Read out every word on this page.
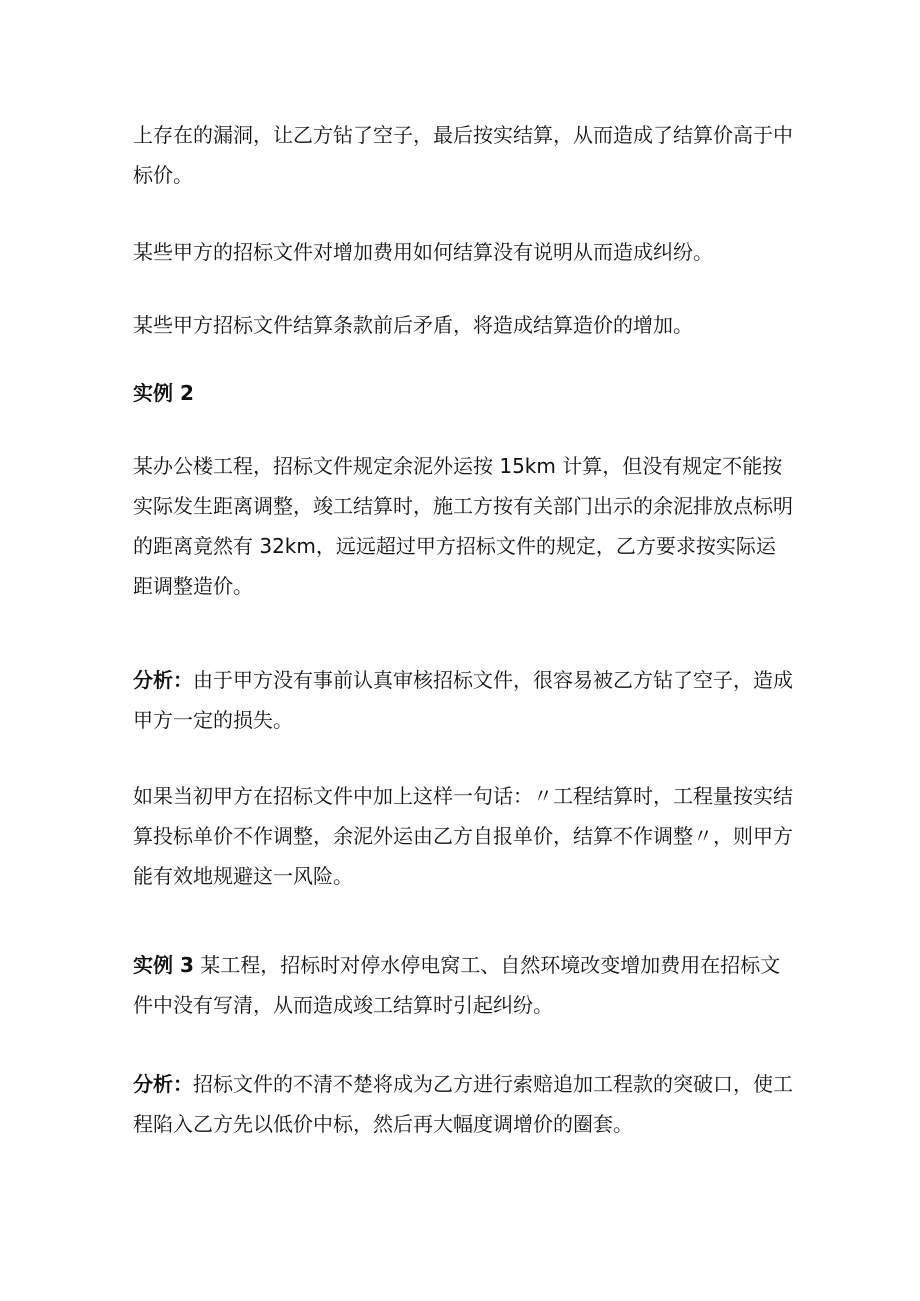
上存在的漏洞，让乙方钻了空子，最后按实结算，从而造成了结算价高于中标价。

某些甲方的招标文件对增加费用如何结算没有说明从而造成纠纷。

某些甲方招标文件结算条款前后矛盾，将造成结算造价的增加。

实例 2

某办公楼工程，招标文件规定余泥外运按 15km 计算，但没有规定不能按实际发生距离调整，竣工结算时，施工方按有关部门出示的余泥排放点标明的距离竟然有 32km，远远超过甲方招标文件的规定，乙方要求按实际运距调整造价。

分析：由于甲方没有事前认真审核招标文件，很容易被乙方钻了空子，造成甲方一定的损失。

如果当初甲方在招标文件中加上这样一句话：〃工程结算时，工程量按实结算投标单价不作调整，余泥外运由乙方自报单价，结算不作调整〃，则甲方能有效地规避这一风险。

实例 3 某工程，招标时对停水停电窝工、自然环境改变增加费用在招标文件中没有写清，从而造成竣工结算时引起纠纷。

分析：招标文件的不清不楚将成为乙方进行索赔追加工程款的突破口，使工程陷入乙方先以低价中标，然后再大幅度调增价的圈套。
